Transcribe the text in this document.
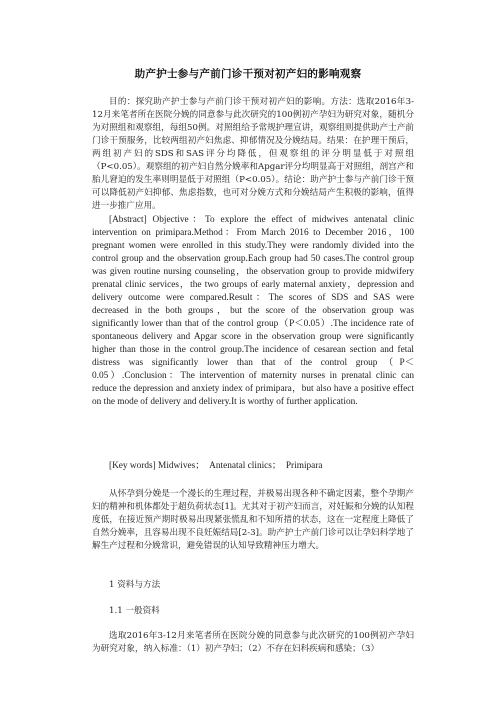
助产护士参与产前门诊干预对初产妇的影响观察

目的：探究助产护士参与产前门诊干预对初产妇的影响。方法：选取2016年3-12月来笔者所在医院分娩的同意参与此次研究的100例初产孕妇为研究对象，随机分为对照组和观察组，每组50例。对照组给予常规护理宣讲，观察组则提供助产士产前门诊干预服务，比较两组初产妇焦虑、抑郁情况及分娩结局。结果：在护理干预后，两组初产妇的SDS和SAS评分均降低，但观察组的评分明显低于对照组（P<0.05）。观察组的初产妇自然分娩率和Apgar评分均明显高于对照组，剖宫产和胎儿窘迫的发生率则明显低于对照组（P<0.05）。结论：助产护士参与产前门诊干预可以降低初产妇抑郁、焦虑指数，也可对分娩方式和分娩结局产生积极的影响，值得进一步推广应用。

[Abstract] Objective：To explore the effect of midwives antenatal clinic intervention on primipara.Method：From March 2016 to December 2016，100 pregnant women were enrolled in this study.They were randomly divided into the control group and the observation group.Each group had 50 cases.The control group was given routine nursing counseling，the observation group to provide midwifery prenatal clinic services，the two groups of early maternal anxiety，depression and delivery outcome were compared.Result：The scores of SDS and SAS were decreased in the both groups，but the score of the observation group was significantly lower than that of the control group（P＜0.05）.The incidence rate of spontaneous delivery and Apgar score in the observation group were significantly higher than those in the control group.The incidence of cesarean section and fetal distress was significantly lower than that of the control group（P＜0.05）.Conclusion：The intervention of maternity nurses in prenatal clinic can reduce the depression and anxiety index of primipara，but also have a positive effect on the mode of delivery and delivery.It is worthy of further application.

[Key words] Midwives；　Antenatal clinics；　Primipara

从怀孕到分娩是一个漫长的生理过程，并极易出现各种不确定因素，整个孕期产妇的精神和机体都处于超负荷状态[1]。尤其对于初产妇而言，对妊娠和分娩的认知程度低，在接近预产期时极易出现紧张慌乱和不知所措的状态，这在一定程度上降低了自然分娩率，且容易出现不良妊娠结局[2-3]。助产护士产前门诊可以让孕妇科学地了解生产过程和分娩常识，避免错误的认知导致精神压力增大。

1 资料与方法

1.1 一般资料

选取2016年3-12月来笔者所在医院分娩的同意参与此次研究的100例初产孕妇为研究对象，纳入标准：（1）初产孕妇；（2）不存在妇科疾病和感染；（3）
